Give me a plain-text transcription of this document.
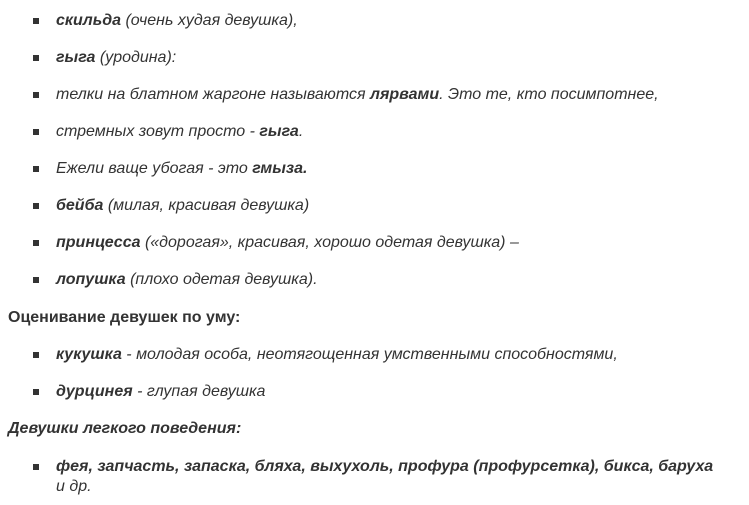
скильда (очень худая девушка),
гыга (уродина):
телки на блатном жаргоне называются лярвами. Это те, кто посимпотнее,
стремных зовут просто - гыга.
Ежели ваще убогая - это гмыза.
бейба (милая, красивая девушка)
принцесса («дорогая», красивая, хорошо одетая девушка) –
лопушка (плохо одетая девушка).
Оценивание девушек по уму:
кукушка - молодая особа, неотягощенная умственными способностями,
дурцинея - глупая девушка
Девушки легкого поведения:
фея, запчасть, запаска, бляха, выхухоль, профура (профурсетка), бикса, баруха
и др.
